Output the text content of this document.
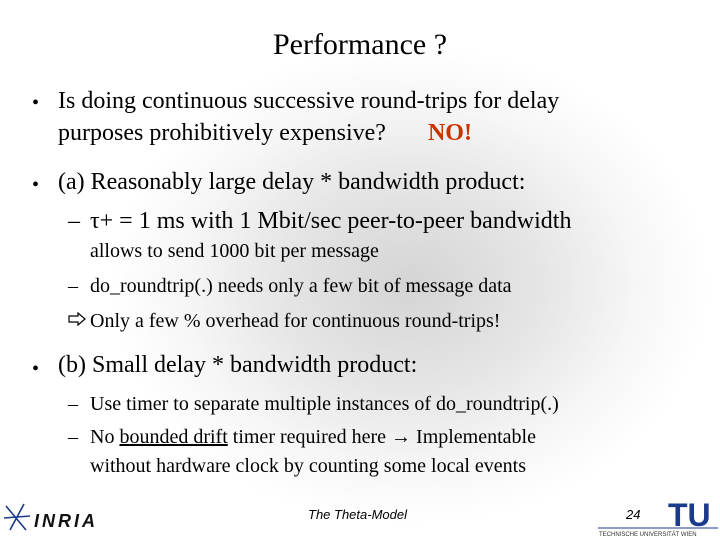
Performance ?
• Is doing continuous successive round-trips for delay
purposes prohibitively expensive? NO!
• (a) Reasonably large delay * bandwidth product:
– τ+ = 1 ms with 1 Mbit/sec peer-to-peer bandwidth
allows to send 1000 bit per message
– do_roundtrip(.) needs only a few bit of message data
Only a few % overhead for continuous round-trips!
• (b) Small delay * bandwidth product:
– Use timer to separate multiple instances of do_roundtrip(.)
– No bounded drift timer required here → Implementable
without hardware clock by counting some local events
INRIA	The Theta-Model	24 TU
TECHNISCHE UNIVERSITÄT WIEN
